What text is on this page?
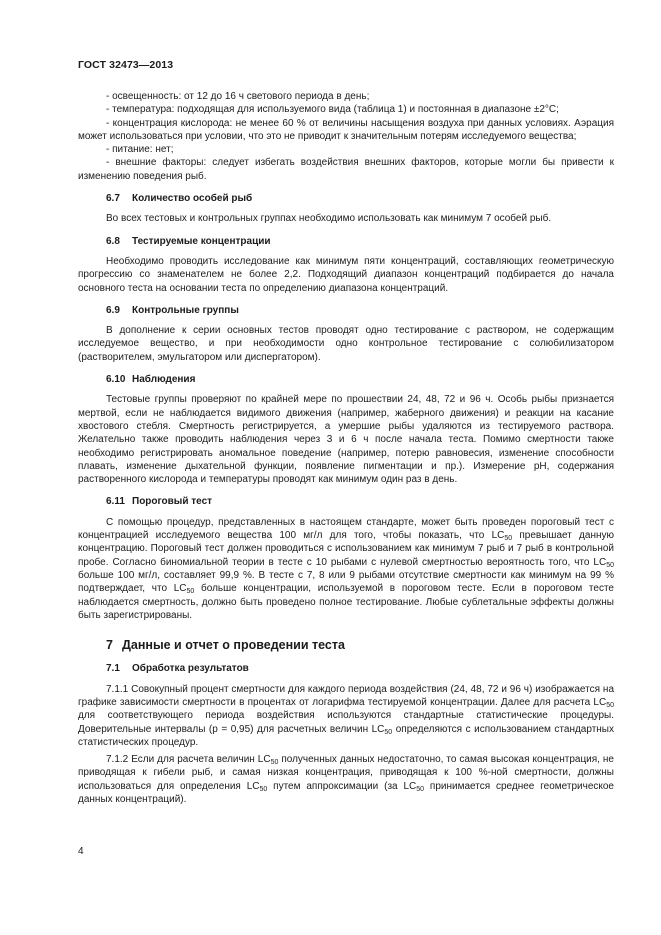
ГОСТ 32473—2013

- освещенность: от 12 до 16 ч светового периода в день;

- температура: подходящая для используемого вида (таблица 1) и постоянная в диапазоне ±2°C;

- концентрация кислорода: не менее 60 % от величины насыщения воздуха при данных условиях. Аэрация может использоваться при условии, что это не приводит к значительным потерям исследуемого вещества;

- питание: нет;

- внешние факторы: следует избегать воздействия внешних факторов, которые могли бы привести к изменению поведения рыб.

6.7 Количество особей рыб

Во всех тестовых и контрольных группах необходимо использовать как минимум 7 особей рыб.

6.8 Тестируемые концентрации

Необходимо проводить исследование как минимум пяти концентраций, составляющих геометрическую прогрессию со знаменателем не более 2,2. Подходящий диапазон концентраций подбирается до начала основного теста на основании теста по определению диапазона концентраций.

6.9 Контрольные группы

В дополнение к серии основных тестов проводят одно тестирование с раствором, не содержащим исследуемое вещество, и при необходимости одно контрольное тестирование с солюбилизатором (растворителем, эмульгатором или диспергатором).

6.10 Наблюдения

Тестовые группы проверяют по крайней мере по прошествии 24, 48, 72 и 96 ч. Особь рыбы признается мертвой, если не наблюдается видимого движения (например, жаберного движения) и реакции на касание хвостового стебля. Смертность регистрируется, а умершие рыбы удаляются из тестируемого раствора. Желательно также проводить наблюдения через 3 и 6 ч после начала теста. Помимо смертности также необходимо регистрировать аномальное поведение (например, потерю равновесия, изменение способности плавать, изменение дыхательной функции, появление пигментации и пр.). Измерение pH, содержания растворенного кислорода и температуры проводят как минимум один раз в день.

6.11 Пороговый тест

С помощью процедур, представленных в настоящем стандарте, может быть проведен пороговый тест с концентрацией исследуемого вещества 100 мг/л для того, чтобы показать, что $LC_{50}$ превышает данную концентрацию. Пороговый тест должен проводиться с использованием как минимум 7 рыб и 7 рыб в контрольной пробе. Согласно биномиальной теории в тесте с 10 рыбами с нулевой смертностью вероятность того, что $LC_{50}$ больше 100 мг/л, составляет 99,9 %. В тесте с 7, 8 или 9 рыбами отсутствие смертности как минимум на 99 % подтверждает, что $LC_{50}$ больше концентрации, используемой в пороговом тесте. Если в пороговом тесте наблюдается смертность, должно быть проведено полное тестирование. Любые сублетальные эффекты должны быть зарегистрированы.

7 Данные и отчет о проведении теста
7.1 Обработка результатов

7.1.1 Совокупный процент смертности для каждого периода воздействия (24, 48, 72 и 96 ч) изображается на графике зависимости смертности в процентах от логарифма тестируемой концентрации. Далее для расчета $LC_{50}$ для соответствующего периода воздействия используются стандартные статистические процедуры. Доверительные интервалы (p = 0,95) для расчетных величин $LC_{50}$ определяются с использованием стандартных статистических процедур.

7.1.2 Если для расчета величин $LC_{50}$ полученных данных недостаточно, то самая высокая концентрация, не приводящая к гибели рыб, и самая низкая концентрация, приводящая к 100 %-ной смертности, должны использоваться для определения $LC_{50}$ путем аппроксимации (за $LC_{50}$ принимается среднее геометрическое данных концентраций).

4
